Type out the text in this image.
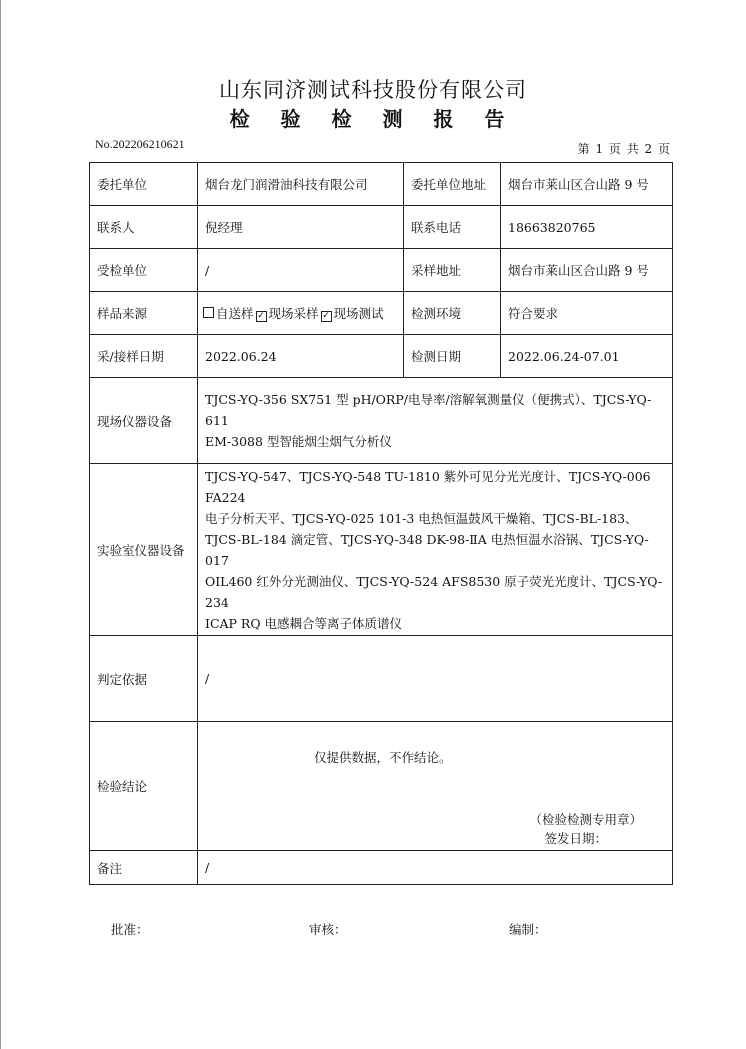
山东同济测试科技股份有限公司
检 验 检 测 报 告
No.202206210621	第 1 页 共 2 页
委托单位	烟台龙门润滑油科技有限公司	委托单位地址	烟台市莱山区合山路 9 号
联系人	倪经理	联系电话	18663820765
受检单位	/	采样地址	烟台市莱山区合山路 9 号
样品来源	自送样 ✓ 现场采样 ✓ 现场测试	检测环境	符合要求
采/接样日期	2022.06.24	检测日期	2022.06.24-07.01
现场仪器设备	TJCS-YQ-356 SX751 型 pH/ORP/电导率/溶解氧测量仪（便携式）、TJCS-YQ-611
EM-3088 型智能烟尘烟气分析仪		
实验室仪器设备	TJCS-YQ-547、TJCS-YQ-548 TU-1810 紫外可见分光光度计、TJCS-YQ-006 FA224
电子分析天平、TJCS-YQ-025 101-3 电热恒温鼓风干燥箱、TJCS-BL-183、
TJCS-BL-184 滴定管、TJCS-YQ-348 DK-98-ⅡA 电热恒温水浴锅、TJCS-YQ-017
OIL460 红外分光测油仪、TJCS-YQ-524 AFS8530 原子荧光光度计、TJCS-YQ-234
ICAP RQ 电感耦合等离子体质谱仪		
判定依据	/		
检验结论	仅提供数据，不作结论。
（检验检测专用章）
签发日期：		

备注	/		
批准：	审核：	编制：
